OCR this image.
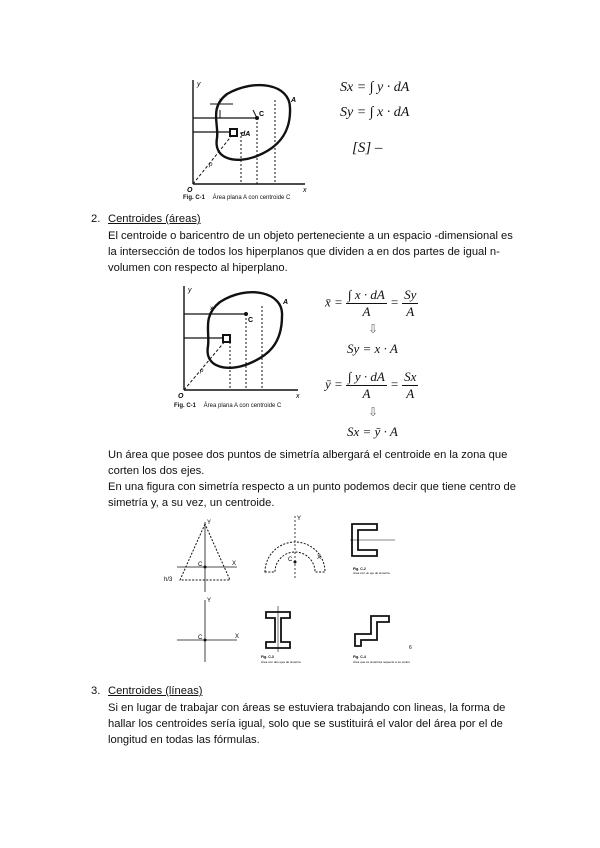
y
x
O
C
A
dA
x
ρ
Fig. C-1 Área plana A con centroide C
Sx = ∫ y · dA
Sy = ∫ x · dA
[S] –
2. Centroides (áreas)
El centroide o baricentro de un objeto perteneciente a un espacio -dimensional es la intersección de todos los hiperplanos que dividen a en dos partes de igual n-volumen con respecto al hiperplano.
y
x
O
C
A
x
ρ
Fig. C-1 Área plana A con centroide C
x̄ = $\frac{\int x \cdot dA}{A} = \frac{Sy}{A}$
⇩
Sy = x · A
ȳ = $\frac{\int y \cdot dA}{A} = \frac{Sx}{A}$
⇩
Sx = ȳ · A
Un área que posee dos puntos de simetría albergará el centroide en la zona que corten los dos ejes.
En una figura con simetría respecto a un punto podemos decir que tiene centro de simetría y, a su vez, un centroide.
Y
X
C
h/3
Y
X
C
Fig. C-2
Área con un eje de simetría
Y
X
C
Fig. C-3
Área con dos ejes de simetría
Fig. C-4
Área que es simétrica respecto a su centro
6
3. Centroides (líneas)
Si en lugar de trabajar con áreas se estuviera trabajando con lineas, la forma de hallar los centroides sería igual, solo que se sustituirá el valor del área por el de longitud en todas las fórmulas.
